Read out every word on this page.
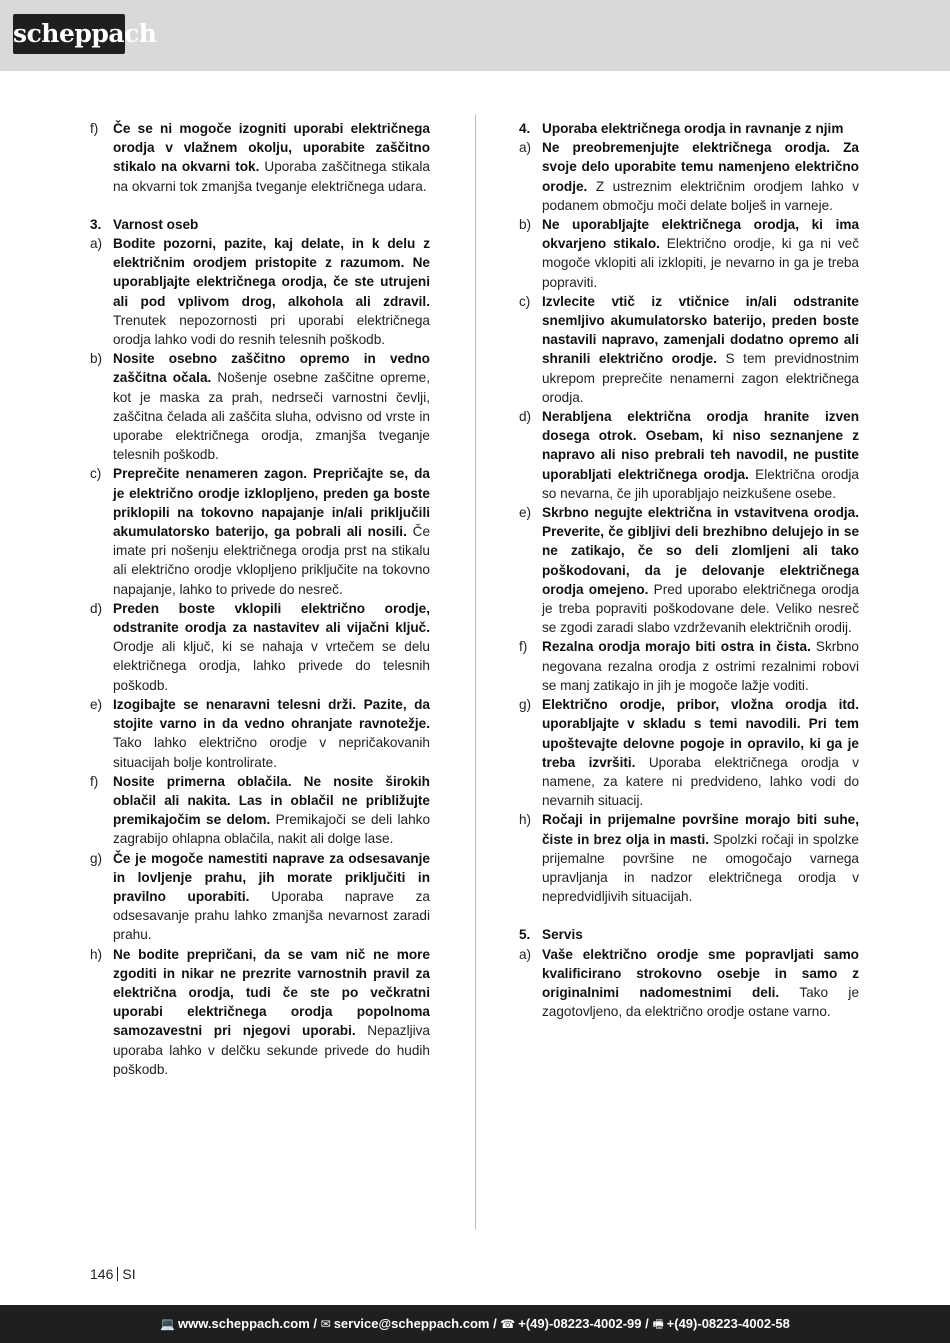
scheppach
f)	Če se ni mogoče izogniti uporabi električnega orodja v vlažnem okolju, uporabite zaščitno stikalo na okvarni tok. Uporaba zaščitnega stikala na okvarni tok zmanjša tveganje električnega udara.
3. Varnost oseb
a) Bodite pozorni, pazite, kaj delate, in k delu z električnim orodjem pristopite z razumom. Ne uporabljajte električnega orodja, če ste utrujeni ali pod vplivom drog, alkohola ali zdravil. Trenutek nepozornosti pri uporabi električnega orodja lahko vodi do resnih telesnih poškodb.
b) Nosite osebno zaščitno opremo in vedno zaščitna očala. Nošenje osebne zaščitne opreme, kot je maska za prah, nedrseči varnostni čevlji, zaščitna čelada ali zaščita sluha, odvisno od vrste in uporabe električnega orodja, zmanjša tveganje telesnih poškodb.
c) Preprečite nenameren zagon. Prepričajte se, da je električno orodje izklopljeno, preden ga boste priklopili na tokovno napajanje in/ali priključili akumulatorsko baterijo, ga pobrali ali nosili. Če imate pri nošenju električnega orodja prst na stikalu ali električno orodje vklopljeno priključite na tokovno napajanje, lahko to privede do nesreč.
d) Preden boste vklopili električno orodje, odstranite orodja za nastavitev ali vijačni ključ. Orodje ali ključ, ki se nahaja v vrtečem se delu električnega orodja, lahko privede do telesnih poškodb.
e) Izogibajte se nenaravni telesni drži. Pazite, da stojite varno in da vedno ohranjate ravnotežje. Tako lahko električno orodje v nepričakovanih situacijah bolje kontrolirate.
f)	Nosite primerna oblačila. Ne nosite širokih oblačil ali nakita. Las in oblačil ne približujte premikajočim se delom. Premikajoči se deli lahko zagrabijo ohlapna oblačila, nakit ali dolge lase.
g) Če je mogoče namestiti naprave za odsesavanje in lovljenje prahu, jih morate priključiti in pravilno uporabiti. Uporaba naprave za odsesavanje prahu lahko zmanjša nevarnost zaradi prahu.
h) Ne bodite prepričani, da se vam nič ne more zgoditi in nikar ne prezrite varnostnih pravil za električna orodja, tudi če ste po večkratni uporabi električnega orodja popolnoma samozavestni pri njegovi uporabi. Nepazljiva uporaba lahko v delčku sekunde privede do hudih poškodb.
4. Uporaba električnega orodja in ravnanje z njim
a) Ne preobremenjujte električnega orodja. Za svoje delo uporabite temu namenjeno električno orodje. Z ustreznim električnim orodjem lahko v podanem območju moči delate bolješ in varneje.
b) Ne uporabljajte električnega orodja, ki ima okvarjeno stikalo. Električno orodje, ki ga ni več mogoče vklopiti ali izklopiti, je nevarno in ga je treba popraviti.
c) Izvlecite vtič iz vtičnice in/ali odstranite snemljivo akumulatorsko baterijo, preden boste nastavili napravo, zamenjali dodatno opremo ali shranili električno orodje. S tem previdnostnim ukrepom preprečite nenamerni zagon električnega orodja.
d) Nerabljena električna orodja hranite izven dosega otrok. Osebam, ki niso seznanjene z napravo ali niso prebrali teh navodil, ne pustite uporabljati električnega orodja. Električna orodja so nevarna, če jih uporabljajo neizkušene osebe.
e) Skrbno negujte električna in vstavitvena orodja. Preverite, če gibljivi deli brezhibno delujejo in se ne zatikajo, če so deli zlomljeni ali tako poškodovani, da je delovanje električnega orodja omejeno. Pred uporabo električnega orodja je treba popraviti poškodovane dele. Veliko nesreč se zgodi zaradi slabo vzdrževanih električnih orodij.
f)	Rezalna orodja morajo biti ostra in čista. Skrbno negovana rezalna orodja z ostrimi rezalnimi robovi se manj zatikajo in jih je mogoče lažje voditi.
g) Električno orodje, pribor, vložna orodja itd. uporabljajte v skladu s temi navodili. Pri tem upoštevajte delovne pogoje in opravilo, ki ga je treba izvršiti. Uporaba električnega orodja v namene, za katere ni predvideno, lahko vodi do nevarnih situacij.
h) Ročaji in prijemalne površine morajo biti suhe, čiste in brez olja in masti. Spolzki ročaji in spolzke prijemalne površine ne omogočajo varnega upravljanja in nadzor električnega orodja v nepredvidljivih situacijah.
5. Servis
a) Vaše električno orodje sme popravljati samo kvalificirano strokovno osebje in samo z originalnimi nadomestnimi deli. Tako je zagotovljeno, da električno orodje ostane varno.
146 SI
💻 www.scheppach.com / ✉ service@scheppach.com / ☎ +(49)-08223-4002-99 / 🖷 +(49)-08223-4002-58
